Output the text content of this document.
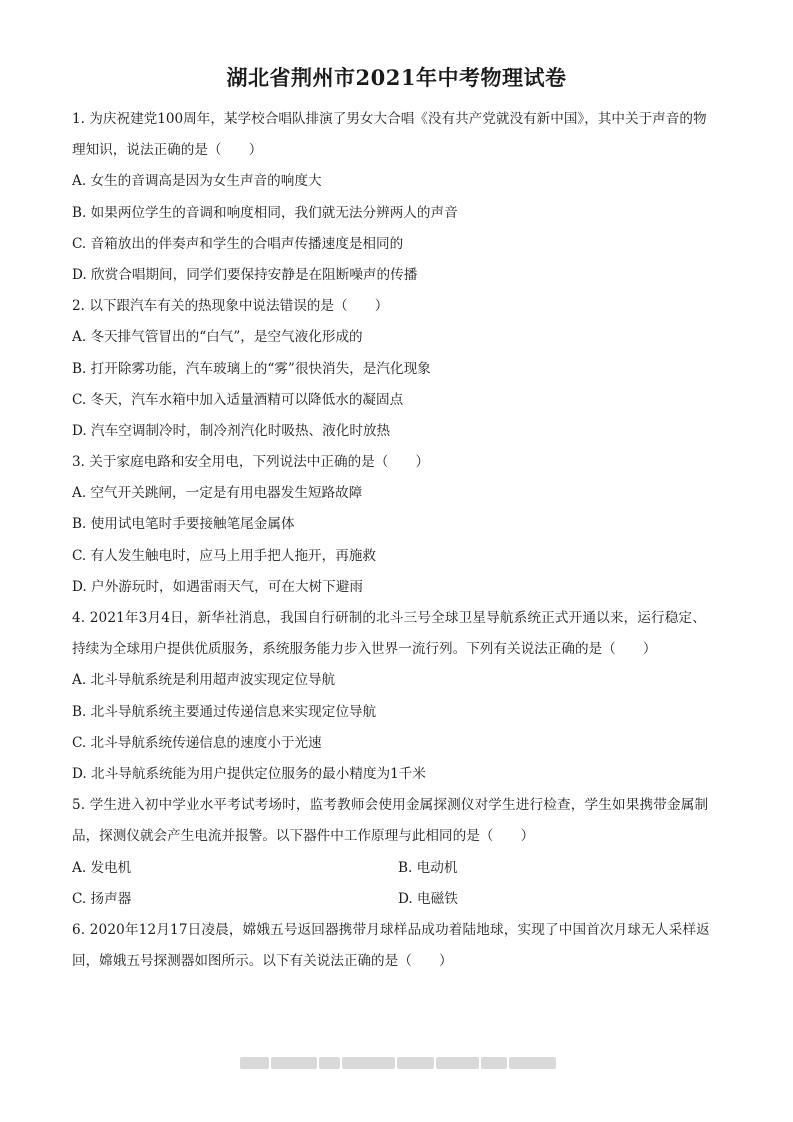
湖北省荆州市2021年中考物理试卷
1. 为庆祝建党100周年，某学校合唱队排演了男女大合唱《没有共产党就没有新中国》，其中关于声音的物
理知识，说法正确的是（　　）
A. 女生的音调高是因为女生声音的响度大
B. 如果两位学生的音调和响度相同，我们就无法分辨两人的声音
C. 音箱放出的伴奏声和学生的合唱声传播速度是相同的
D. 欣赏合唱期间，同学们要保持安静是在阻断噪声的传播
2. 以下跟汽车有关的热现象中说法错误的是（　　）
A. 冬天排气管冒出的“白气”，是空气液化形成的
B. 打开除雾功能，汽车玻璃上的“雾”很快消失，是汽化现象
C. 冬天，汽车水箱中加入适量酒精可以降低水的凝固点
D. 汽车空调制冷时，制冷剂汽化时吸热、液化时放热
3. 关于家庭电路和安全用电，下列说法中正确的是（　　）
A. 空气开关跳闸，一定是有用电器发生短路故障
B. 使用试电笔时手要接触笔尾金属体
C. 有人发生触电时，应马上用手把人拖开，再施救
D. 户外游玩时，如遇雷雨天气，可在大树下避雨
4. 2021年3月4日，新华社消息，我国自行研制的北斗三号全球卫星导航系统正式开通以来，运行稳定、
持续为全球用户提供优质服务，系统服务能力步入世界一流行列。下列有关说法正确的是（　　）
A. 北斗导航系统是利用超声波实现定位导航
B. 北斗导航系统主要通过传递信息来实现定位导航
C. 北斗导航系统传递信息的速度小于光速
D. 北斗导航系统能为用户提供定位服务的最小精度为1千米
5. 学生进入初中学业水平考试考场时，监考教师会使用金属探测仪对学生进行检查，学生如果携带金属制
品，探测仪就会产生电流并报警。以下器件中工作原理与此相同的是（　　）
A. 发电机	B. 电动机
C. 扬声器	D. 电磁铁
6. 2020年12月17日凌晨，嫦娥五号返回器携带月球样品成功着陆地球，实现了中国首次月球无人采样返
回，嫦娥五号探测器如图所示。以下有关说法正确的是（　　）
